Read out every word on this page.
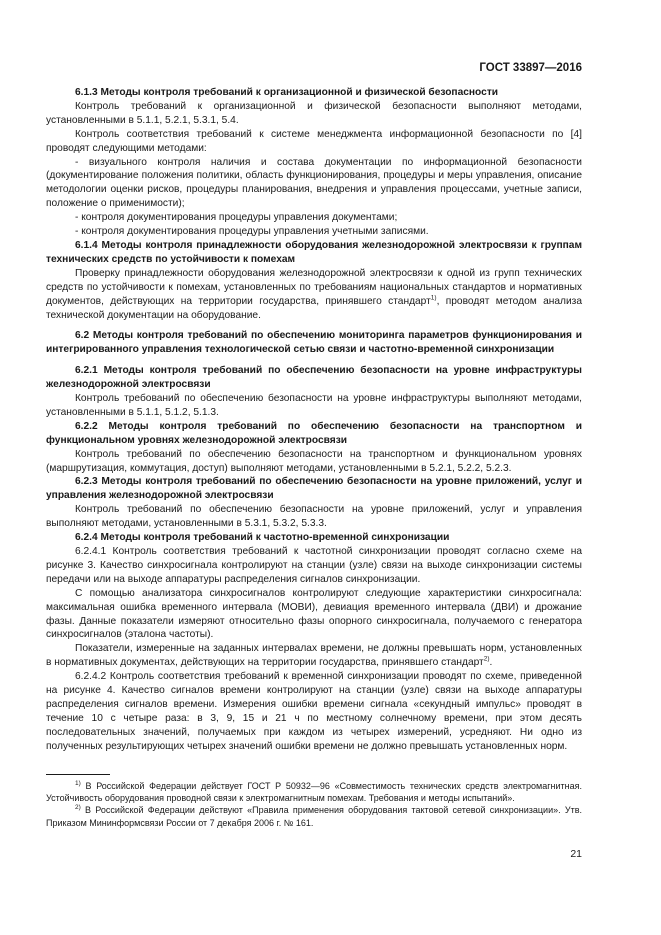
ГОСТ 33897—2016

6.1.3 Методы контроля требований к организационной и физической безопасности

Контроль требований к организационной и физической безопасности выполняют методами, установленными в 5.1.1, 5.2.1, 5.3.1, 5.4.

Контроль соответствия требований к системе менеджмента информационной безопасности по [4] проводят следующими методами:

- визуального контроля наличия и состава документации по информационной безопасности (документирование положения политики, область функционирования, процедуры и меры управления, описание методологии оценки рисков, процедуры планирования, внедрения и управления процессами, учетные записи, положение о применимости);

- контроля документирования процедуры управления документами;

- контроля документирования процедуры управления учетными записями.

6.1.4 Методы контроля принадлежности оборудования железнодорожной электросвязи к группам технических средств по устойчивости к помехам

Проверку принадлежности оборудования железнодорожной электросвязи к одной из групп технических средств по устойчивости к помехам, установленных по требованиям национальных стандартов и нормативных документов, действующих на территории государства, принявшего стандарт$^{1)}$, проводят методом анализа технической документации на оборудование.

6.2 Методы контроля требований по обеспечению мониторинга параметров функционирования и интегрированного управления технологической сетью связи и частотно-временной синхронизации

6.2.1 Методы контроля требований по обеспечению безопасности на уровне инфраструктуры железнодорожной электросвязи

Контроль требований по обеспечению безопасности на уровне инфраструктуры выполняют методами, установленными в 5.1.1, 5.1.2, 5.1.3.

6.2.2 Методы контроля требований по обеспечению безопасности на транспортном и функциональном уровнях железнодорожной электросвязи

Контроль требований по обеспечению безопасности на транспортном и функциональном уровнях (маршрутизация, коммутация, доступ) выполняют методами, установленными в 5.2.1, 5.2.2, 5.2.3.

6.2.3 Методы контроля требований по обеспечению безопасности на уровне приложений, услуг и управления железнодорожной электросвязи

Контроль требований по обеспечению безопасности на уровне приложений, услуг и управления выполняют методами, установленными в 5.3.1, 5.3.2, 5.3.3.

6.2.4 Методы контроля требований к частотно-временной синхронизации

6.2.4.1 Контроль соответствия требований к частотной синхронизации проводят согласно схеме на рисунке 3. Качество синхросигнала контролируют на станции (узле) связи на выходе синхронизации системы передачи или на выходе аппаратуры распределения сигналов синхронизации.

С помощью анализатора синхросигналов контролируют следующие характеристики синхросигнала: максимальная ошибка временного интервала (МОВИ), девиация временного интервала (ДВИ) и дрожание фазы. Данные показатели измеряют относительно фазы опорного синхросигнала, получаемого с генератора синхросигналов (эталона частоты).

Показатели, измеренные на заданных интервалах времени, не должны превышать норм, установленных в нормативных документах, действующих на территории государства, принявшего стандарт$^{2)}$.

6.2.4.2 Контроль соответствия требований к временной синхронизации проводят по схеме, приведенной на рисунке 4. Качество сигналов времени контролируют на станции (узле) связи на выходе аппаратуры распределения сигналов времени. Измерения ошибки времени сигнала «секундный импульс» проводят в течение 10 с четыре раза: в 3, 9, 15 и 21 ч по местному солнечному времени, при этом десять последовательных значений, получаемых при каждом из четырех измерений, усредняют. Ни одно из полученных результирующих четырех значений ошибки времени не должно превышать установленных норм.

$^{1)}$ В Российской Федерации действует ГОСТ Р 50932—96 «Совместимость технических средств электромагнитная. Устойчивость оборудования проводной связи к электромагнитным помехам. Требования и методы испытаний».

$^{2)}$ В Российской Федерации действуют «Правила применения оборудования тактовой сетевой синхронизации». Утв. Приказом Мининформсвязи России от 7 декабря 2006 г. № 161.

21
